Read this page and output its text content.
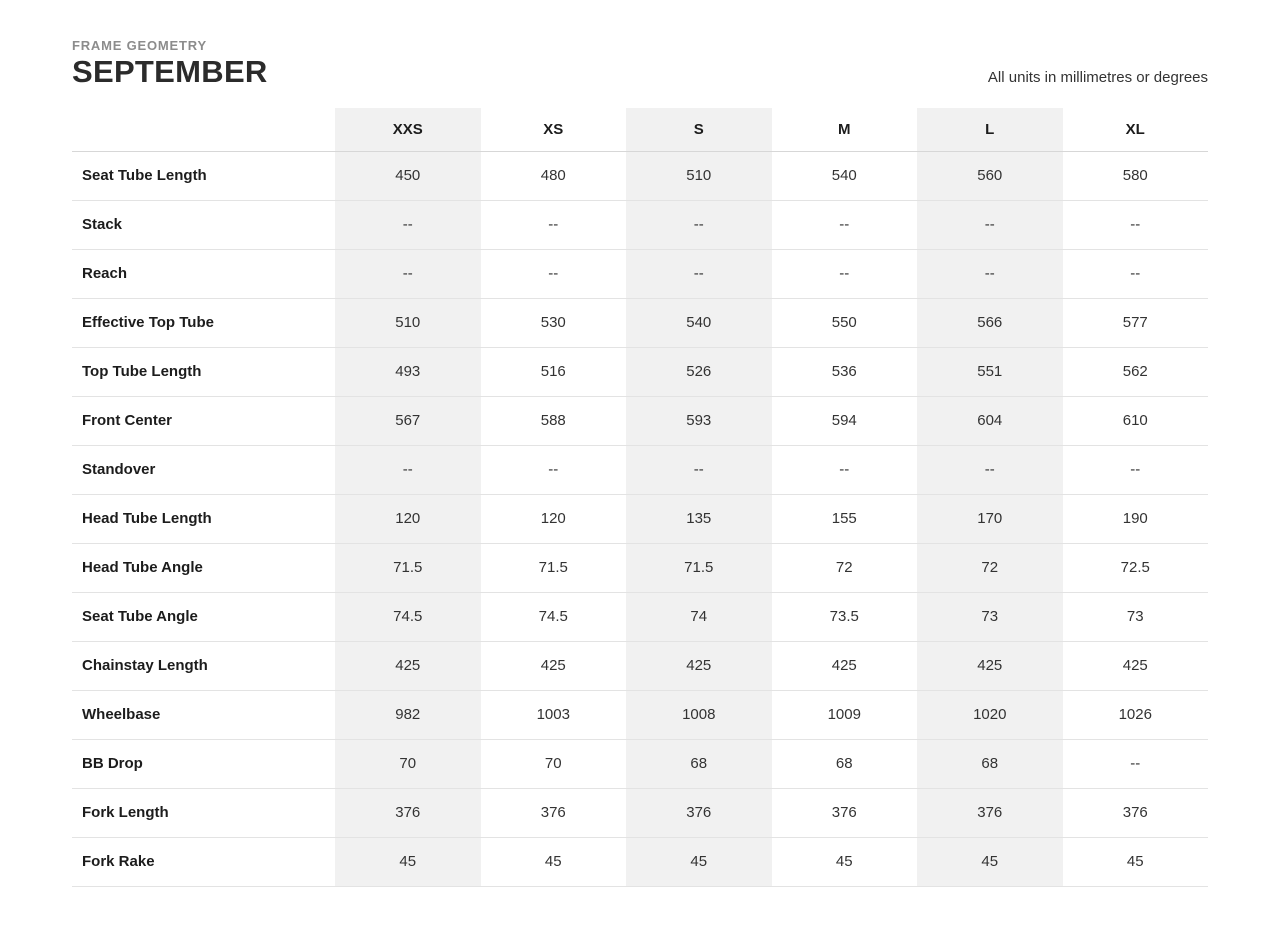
FRAME GEOMETRY
SEPTEMBER	All units in millimetres or degrees
	XXS	XS	S	M	L	XL
Seat Tube Length	450	480	510	540	560	580
Stack	--	--	--	--	--	--
Reach	--	--	--	--	--	--
Effective Top Tube	510	530	540	550	566	577
Top Tube Length	493	516	526	536	551	562
Front Center	567	588	593	594	604	610
Standover	--	--	--	--	--	--
Head Tube Length	120	120	135	155	170	190
Head Tube Angle	71.5	71.5	71.5	72	72	72.5
Seat Tube Angle	74.5	74.5	74	73.5	73	73
Chainstay Length	425	425	425	425	425	425
Wheelbase	982	1003	1008	1009	1020	1026
BB Drop	70	70	68	68	68	--
Fork Length	376	376	376	376	376	376
Fork Rake	45	45	45	45	45	45
